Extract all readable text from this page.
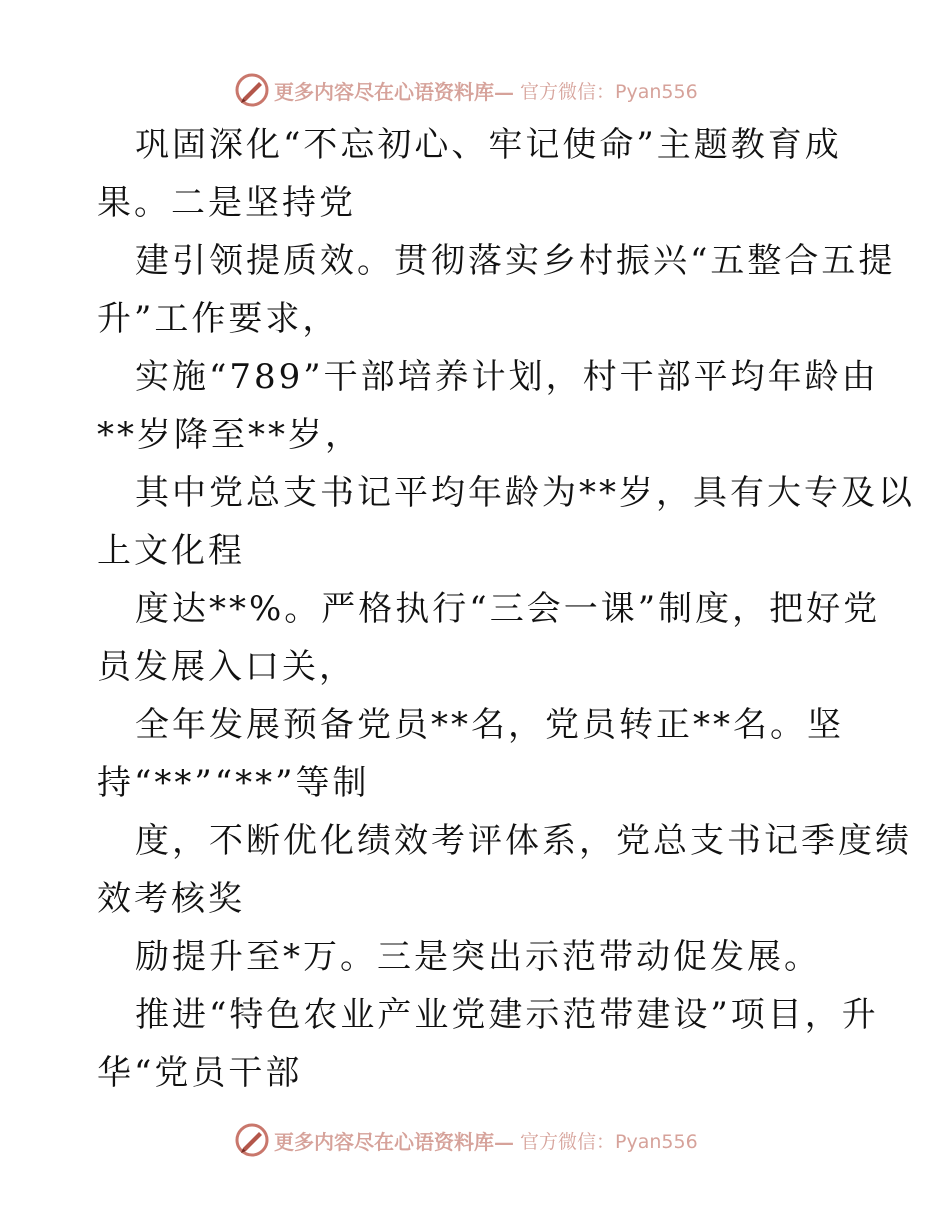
更多内容尽在心语资料库— 官方微信：Pyan556
巩固深化“不忘初心、牢记使命”主题教育成
果。二是坚持党
建引领提质效。贯彻落实乡村振兴“五整合五提
升”工作要求，
实施“789”干部培养计划，村干部平均年龄由
**岁降至**岁，
其中党总支书记平均年龄为**岁，具有大专及以
上文化程
度达**%。严格执行“三会一课”制度，把好党
员发展入口关，
全年发展预备党员**名，党员转正**名。坚
持“**”“**”等制
度，不断优化绩效考评体系，党总支书记季度绩
效考核奖
励提升至*万。三是突出示范带动促发展。
推进“特色农业产业党建示范带建设”项目，升
华“党员干部
更多内容尽在心语资料库— 官方微信：Pyan556
